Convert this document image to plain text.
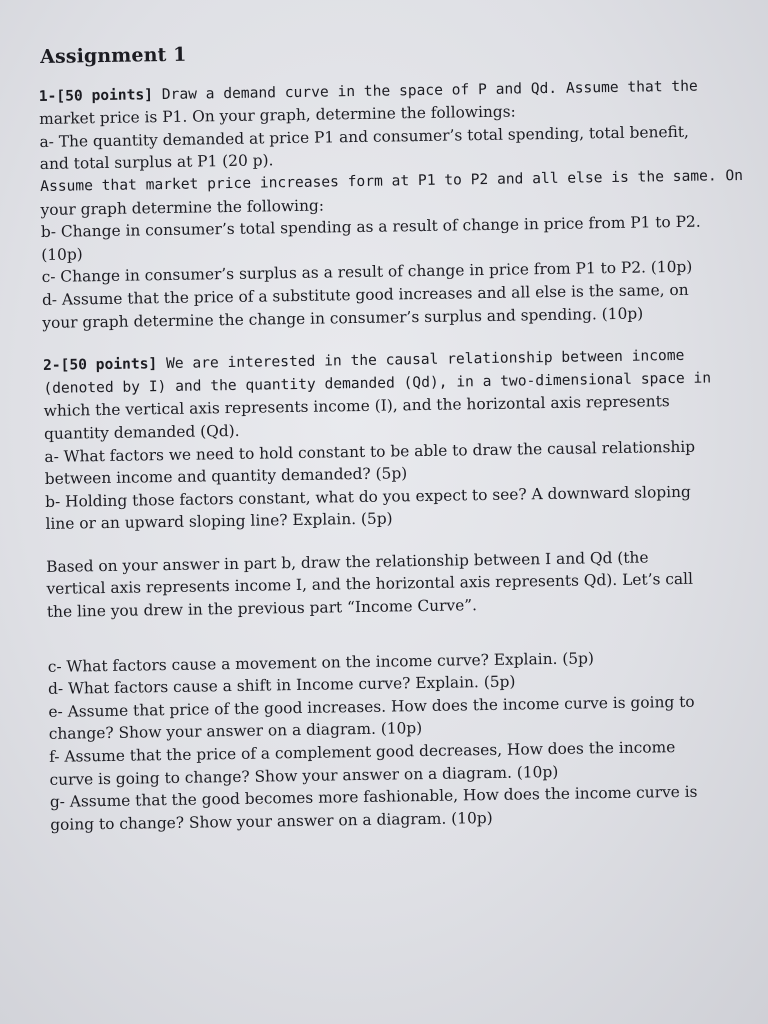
Assignment 1
1-[50 points] Draw a demand curve in the space of P and Qd. Assume that the
market price is P1. On your graph, determine the followings:
a- The quantity demanded at price P1 and consumer’s total spending, total benefit,
and total surplus at P1 (20 p).
Assume that market price increases form at P1 to P2 and all else is the same. On
your graph determine the following:
b- Change in consumer’s total spending as a result of change in price from P1 to P2.
(10p)
c- Change in consumer’s surplus as a result of change in price from P1 to P2. (10p)
d- Assume that the price of a substitute good increases and all else is the same, on
your graph determine the change in consumer’s surplus and spending. (10p)
2-[50 points] We are interested in the causal relationship between income
(denoted by I) and the quantity demanded (Qd), in a two-dimensional space in
which the vertical axis represents income (I), and the horizontal axis represents
quantity demanded (Qd).
a- What factors we need to hold constant to be able to draw the causal relationship
between income and quantity demanded? (5p)
b- Holding those factors constant, what do you expect to see? A downward sloping
line or an upward sloping line? Explain. (5p)
Based on your answer in part b, draw the relationship between I and Qd (the
vertical axis represents income I, and the horizontal axis represents Qd). Let’s call
the line you drew in the previous part “Income Curve”.
c- What factors cause a movement on the income curve? Explain. (5p)
d- What factors cause a shift in Income curve? Explain. (5p)
e- Assume that price of the good increases. How does the income curve is going to
change? Show your answer on a diagram. (10p)
f- Assume that the price of a complement good decreases, How does the income
curve is going to change? Show your answer on a diagram. (10p)
g- Assume that the good becomes more fashionable, How does the income curve is
going to change? Show your answer on a diagram. (10p)
